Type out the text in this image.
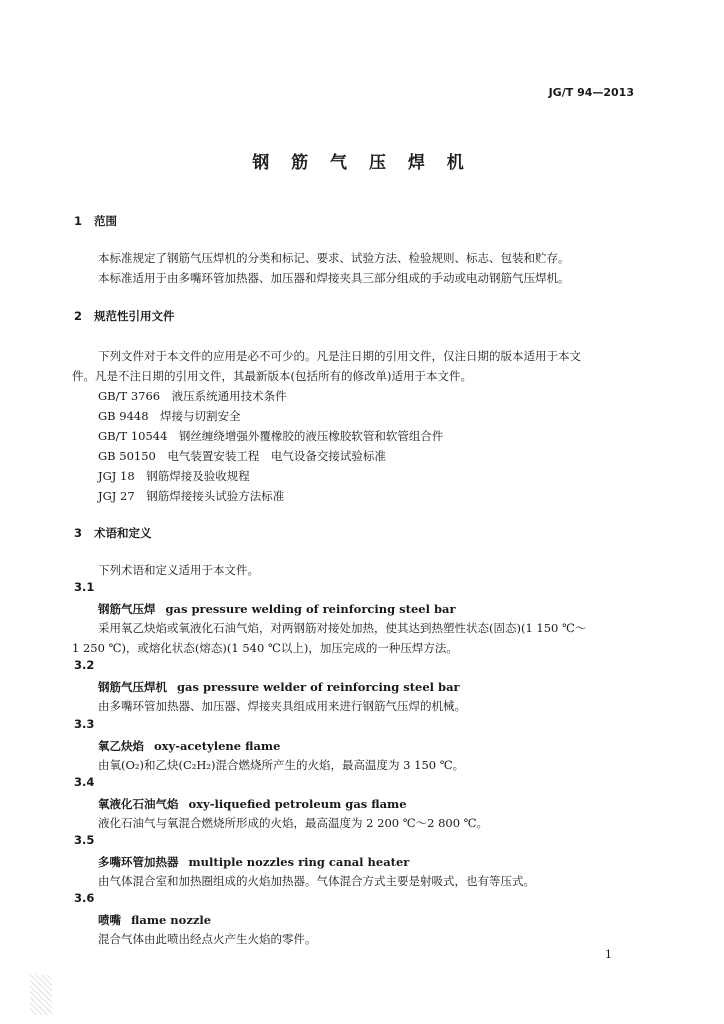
JG/T 94—2013
钢 筋 气 压 焊 机
1 范围
本标准规定了钢筋气压焊机的分类和标记、要求、试验方法、检验规则、标志、包装和贮存。
本标准适用于由多嘴环管加热器、加压器和焊接夹具三部分组成的手动或电动钢筋气压焊机。
2 规范性引用文件
下列文件对于本文件的应用是必不可少的。凡是注日期的引用文件，仅注日期的版本适用于本文
件。凡是不注日期的引用文件，其最新版本(包括所有的修改单)适用于本文件。
GB/T 3766　液压系统通用技术条件
GB 9448　焊接与切割安全
GB/T 10544　钢丝缠绕增强外覆橡胶的液压橡胶软管和软管组合件
GB 50150　电气装置安装工程　电气设备交接试验标准
JGJ 18　钢筋焊接及验收规程
JGJ 27　钢筋焊接接头试验方法标准
3 术语和定义
下列术语和定义适用于本文件。
3.1
钢筋气压焊 gas pressure welding of reinforcing steel bar
采用氧乙炔焰或氧液化石油气焰，对两钢筋对接处加热，使其达到热塑性状态(固态)(1 150 ℃～
1 250 ℃)，或熔化状态(熔态)(1 540 ℃以上)，加压完成的一种压焊方法。
3.2
钢筋气压焊机 gas pressure welder of reinforcing steel bar
由多嘴环管加热器、加压器、焊接夹具组成用来进行钢筋气压焊的机械。
3.3
氧乙炔焰 oxy-acetylene flame
由氧(O₂)和乙炔(C₂H₂)混合燃烧所产生的火焰，最高温度为 3 150 ℃。
3.4
氧液化石油气焰 oxy-liquefied petroleum gas flame
液化石油气与氧混合燃烧所形成的火焰，最高温度为 2 200 ℃～2 800 ℃。
3.5
多嘴环管加热器 multiple nozzles ring canal heater
由气体混合室和加热圈组成的火焰加热器。气体混合方式主要是射吸式，也有等压式。
3.6
喷嘴 flame nozzle
混合气体由此喷出经点火产生火焰的零件。
1
